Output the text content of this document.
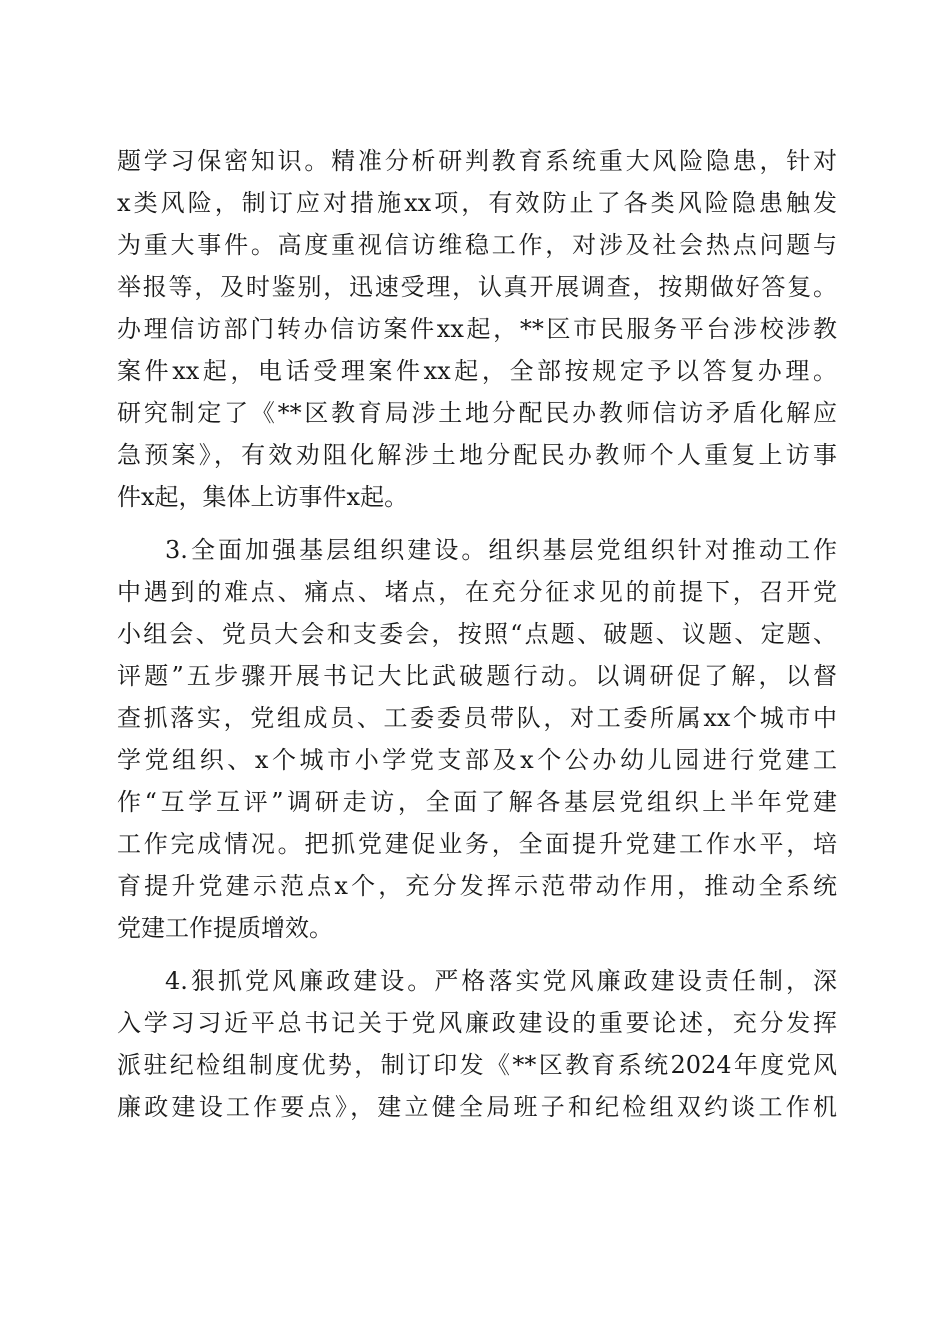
题学习保密知识。精准分析研判教育系统重大风险隐患，针对
x类风险，制订应对措施xx项，有效防止了各类风险隐患触发
为重大事件。高度重视信访维稳工作，对涉及社会热点问题与
举报等，及时鉴别，迅速受理，认真开展调查，按期做好答复。
办理信访部门转办信访案件xx起，**区市民服务平台涉校涉教
案件xx起，电话受理案件xx起，全部按规定予以答复办理。
研究制定了《**区教育局涉土地分配民办教师信访矛盾化解应
急预案》，有效劝阻化解涉土地分配民办教师个人重复上访事
件x起，集体上访事件x起。
3.全面加强基层组织建设。组织基层党组织针对推动工作
中遇到的难点、痛点、堵点，在充分征求见的前提下，召开党
小组会、党员大会和支委会，按照“点题、破题、议题、定题、
评题”五步骤开展书记大比武破题行动。以调研促了解，以督
查抓落实，党组成员、工委委员带队，对工委所属xx个城市中
学党组织、x个城市小学党支部及x个公办幼儿园进行党建工
作“互学互评”调研走访，全面了解各基层党组织上半年党建
工作完成情况。把抓党建促业务，全面提升党建工作水平，培
育提升党建示范点x个，充分发挥示范带动作用，推动全系统
党建工作提质增效。
4.狠抓党风廉政建设。严格落实党风廉政建设责任制，深
入学习习近平总书记关于党风廉政建设的重要论述，充分发挥
派驻纪检组制度优势，制订印发《**区教育系统2024年度党风
廉政建设工作要点》，建立健全局班子和纪检组双约谈工作机
